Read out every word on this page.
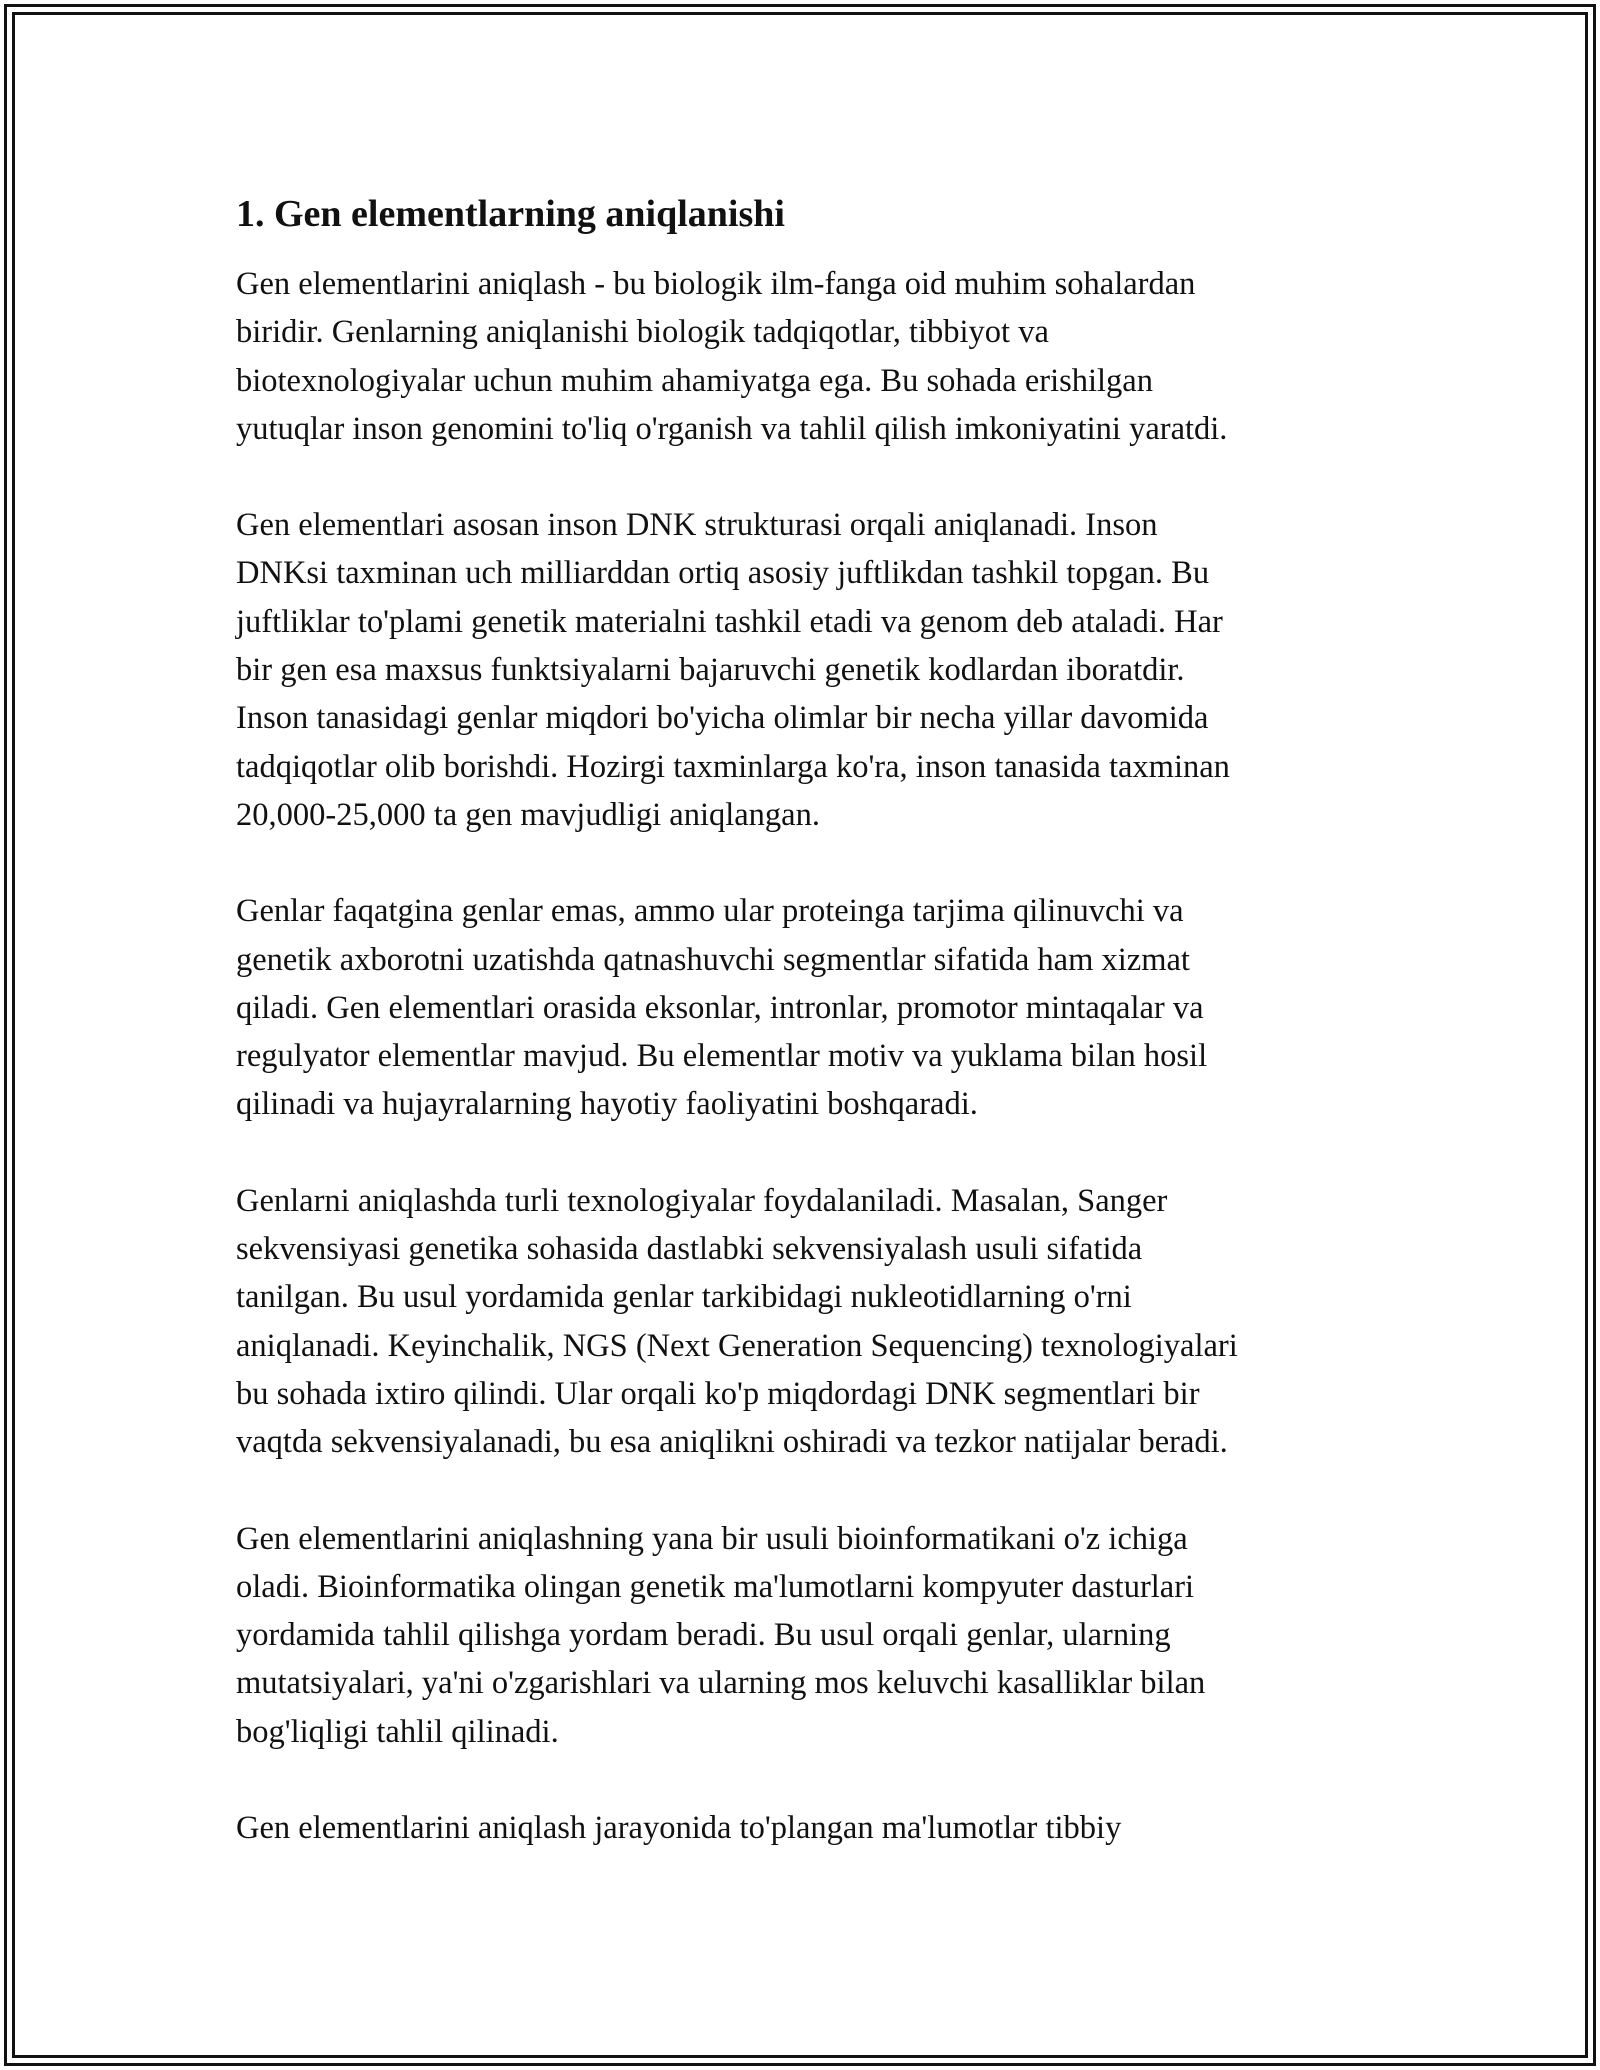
1. Gen elementlarning aniqlanishi

Gen elementlarini aniqlash - bu biologik ilm-fanga oid muhim sohalardan
biridir. Genlarning aniqlanishi biologik tadqiqotlar, tibbiyot va
biotexnologiyalar uchun muhim ahamiyatga ega. Bu sohada erishilgan
yutuqlar inson genomini to'liq o'rganish va tahlil qilish imkoniyatini yaratdi.

Gen elementlari asosan inson DNK strukturasi orqali aniqlanadi. Inson
DNKsi taxminan uch milliarddan ortiq asosiy juftlikdan tashkil topgan. Bu
juftliklar to'plami genetik materialni tashkil etadi va genom deb ataladi. Har
bir gen esa maxsus funktsiyalarni bajaruvchi genetik kodlardan iboratdir.
Inson tanasidagi genlar miqdori bo'yicha olimlar bir necha yillar davomida
tadqiqotlar olib borishdi. Hozirgi taxminlarga ko'ra, inson tanasida taxminan
20,000-25,000 ta gen mavjudligi aniqlangan.

Genlar faqatgina genlar emas, ammo ular proteinga tarjima qilinuvchi va
genetik axborotni uzatishda qatnashuvchi segmentlar sifatida ham xizmat
qiladi. Gen elementlari orasida eksonlar, intronlar, promotor mintaqalar va
regulyator elementlar mavjud. Bu elementlar motiv va yuklama bilan hosil
qilinadi va hujayralarning hayotiy faoliyatini boshqaradi.

Genlarni aniqlashda turli texnologiyalar foydalaniladi. Masalan, Sanger
sekvensiyasi genetika sohasida dastlabki sekvensiyalash usuli sifatida
tanilgan. Bu usul yordamida genlar tarkibidagi nukleotidlarning o'rni
aniqlanadi. Keyinchalik, NGS (Next Generation Sequencing) texnologiyalari
bu sohada ixtiro qilindi. Ular orqali ko'p miqdordagi DNK segmentlari bir
vaqtda sekvensiyalanadi, bu esa aniqlikni oshiradi va tezkor natijalar beradi.

Gen elementlarini aniqlashning yana bir usuli bioinformatikani o'z ichiga
oladi. Bioinformatika olingan genetik ma'lumotlarni kompyuter dasturlari
yordamida tahlil qilishga yordam beradi. Bu usul orqali genlar, ularning
mutatsiyalari, ya'ni o'zgarishlari va ularning mos keluvchi kasalliklar bilan
bog'liqligi tahlil qilinadi.

Gen elementlarini aniqlash jarayonida to'plangan ma'lumotlar tibbiy
